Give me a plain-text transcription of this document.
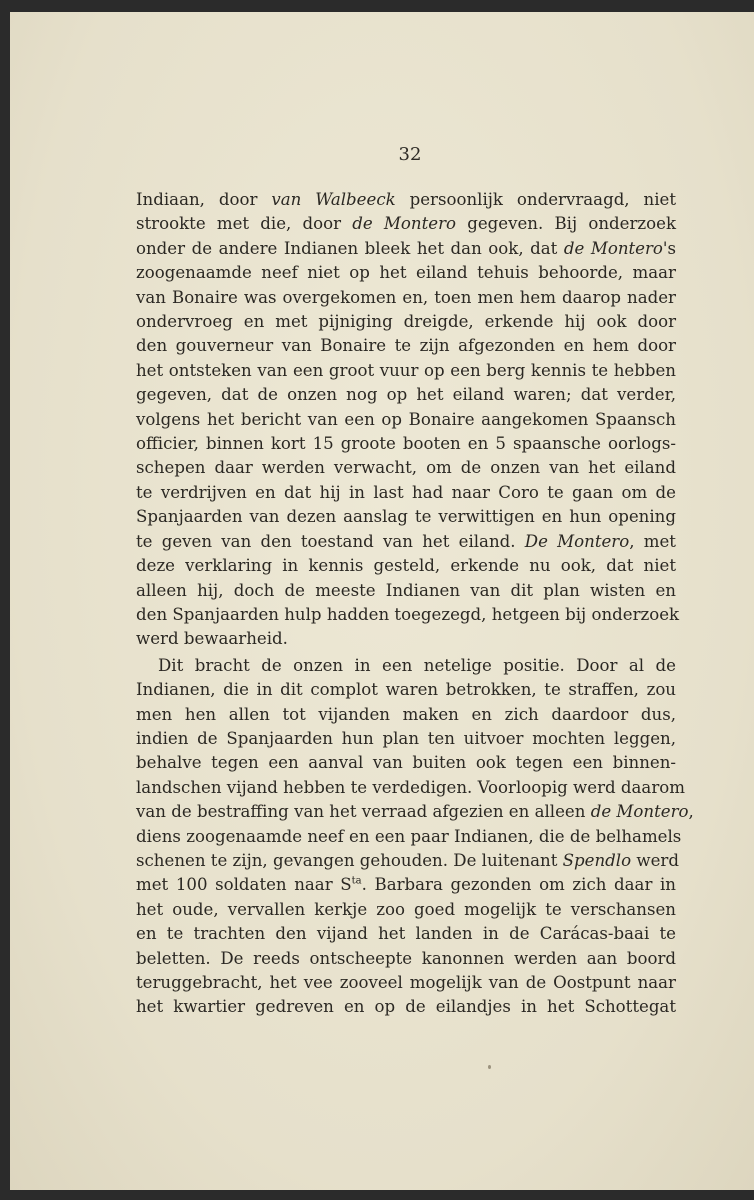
32

Indiaan, door van Walbeeck persoonlijk ondervraagd, niet
strookte met die, door de Montero gegeven. Bij onderzoek
onder de andere Indianen bleek het dan ook, dat de Montero's
zoogenaamde neef niet op het eiland tehuis behoorde, maar
van Bonaire was overgekomen en, toen men hem daarop nader
ondervroeg en met pijniging dreigde, erkende hij ook door
den gouverneur van Bonaire te zijn afgezonden en hem door
het ontsteken van een groot vuur op een berg kennis te hebben
gegeven, dat de onzen nog op het eiland waren; dat verder,
volgens het bericht van een op Bonaire aangekomen Spaansch
officier, binnen kort 15 groote booten en 5 spaansche oorlogs-
schepen daar werden verwacht, om de onzen van het eiland
te verdrijven en dat hij in last had naar Coro te gaan om de
Spanjaarden van dezen aanslag te verwittigen en hun opening
te geven van den toestand van het eiland. De Montero, met
deze verklaring in kennis gesteld, erkende nu ook, dat niet
alleen hij, doch de meeste Indianen van dit plan wisten en
den Spanjaarden hulp hadden toegezegd, hetgeen bij onderzoek
werd bewaarheid.

Dit bracht de onzen in een netelige positie. Door al de
Indianen, die in dit complot waren betrokken, te straffen, zou
men hen allen tot vijanden maken en zich daardoor dus,
indien de Spanjaarden hun plan ten uitvoer mochten leggen,
behalve tegen een aanval van buiten ook tegen een binnen-
landschen vijand hebben te verdedigen. Voorloopig werd daarom
van de bestraffing van het verraad afgezien en alleen de Montero,
diens zoogenaamde neef en een paar Indianen, die de belhamels
schenen te zijn, gevangen gehouden. De luitenant Spendlo werd
met 100 soldaten naar $S^{ta}$. Barbara gezonden om zich daar in
het oude, vervallen kerkje zoo goed mogelijk te verschansen
en te trachten den vijand het landen in de Carácas-baai te
beletten. De reeds ontscheepte kanonnen werden aan boord
teruggebracht, het vee zooveel mogelijk van de Oostpunt naar
het kwartier gedreven en op de eilandjes in het Schottegat
